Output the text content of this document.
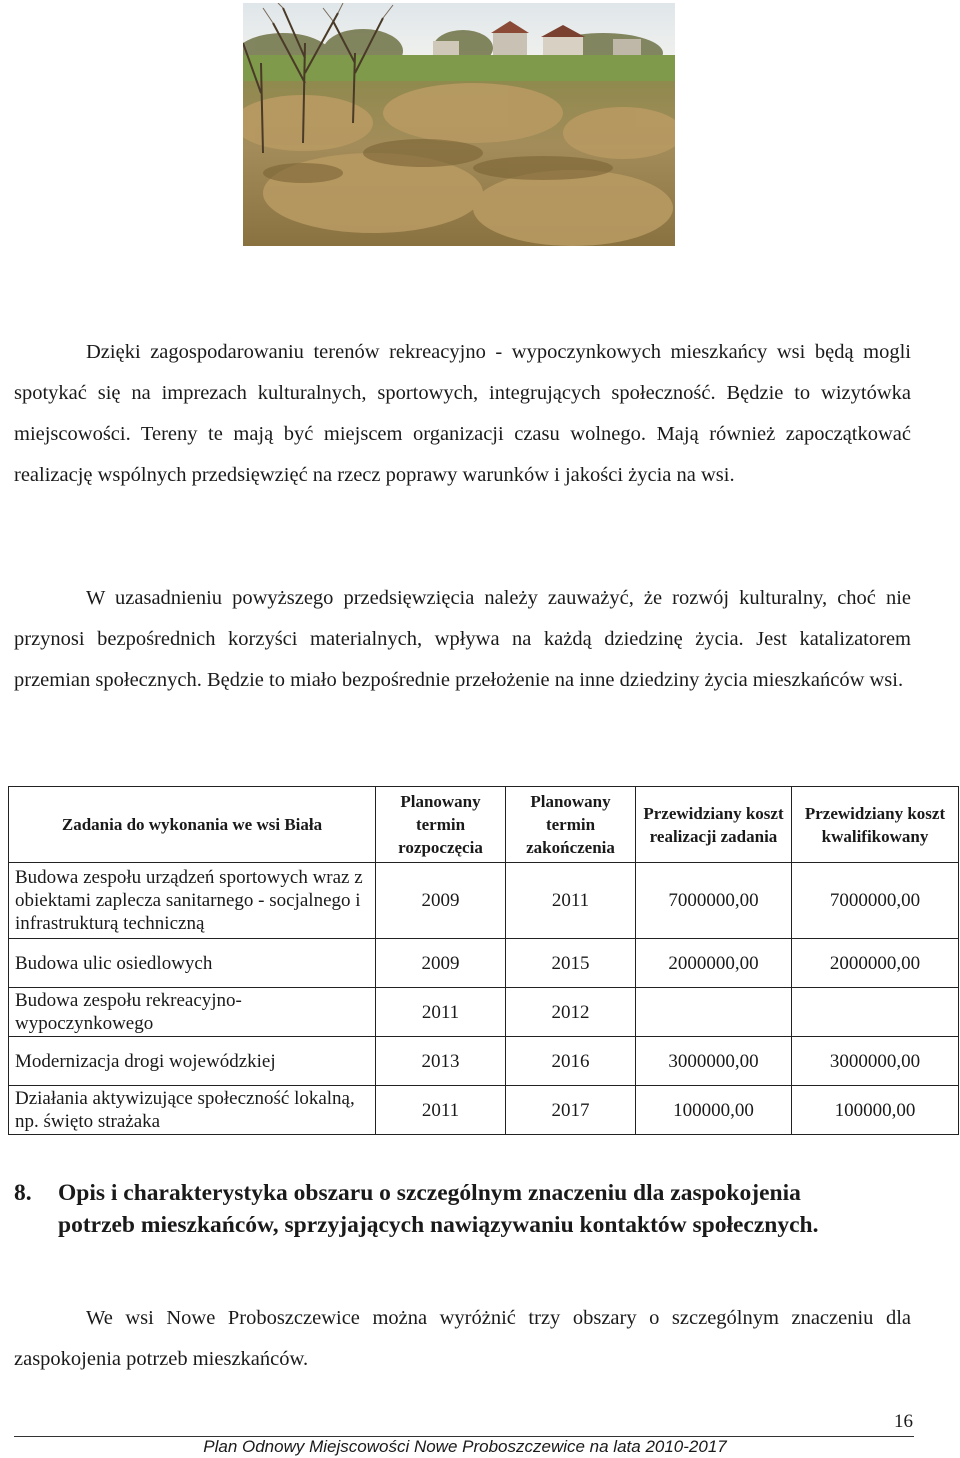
Dzięki zagospodarowaniu terenów rekreacyjno - wypoczynkowych mieszkańcy wsi będą mogli spotykać się na imprezach kulturalnych, sportowych, integrujących społeczność. Będzie to wizytówka miejscowości. Tereny te mają być miejscem organizacji czasu wolnego. Mają również zapoczątkować realizację wspólnych przedsięwzięć na rzecz poprawy warunków i jakości życia na wsi.

W uzasadnieniu powyższego przedsięwzięcia należy zauważyć, że rozwój kulturalny, choć nie przynosi bezpośrednich korzyści materialnych, wpływa na każdą dziedzinę życia. Jest katalizatorem przemian społecznych. Będzie to miało bezpośrednie przełożenie na inne dziedziny życia mieszkańców wsi.

Zadania do wykonania we wsi Biała	Planowany termin rozpoczęcia	Planowany termin zakończenia	Przewidziany koszt realizacji zadania	Przewidziany koszt kwalifikowany
Budowa zespołu urządzeń sportowych wraz z obiektami zaplecza sanitarnego - socjalnego i infrastrukturą techniczną	2009	2011	7000000,00	7000000,00
Budowa ulic osiedlowych	2009	2015	2000000,00	2000000,00
Budowa zespołu rekreacyjno-wypoczynkowego	2011	2012		
Modernizacja drogi wojewódzkiej	2013	2016	3000000,00	3000000,00
Działania aktywizujące społeczność lokalną, np. święto strażaka	2011	2017	100000,00	100000,00
8. Opis i charakterystyka obszaru o szczególnym znaczeniu dla zaspokojenia potrzeb mieszkańców, sprzyjających nawiązywaniu kontaktów społecznych.

We wsi Nowe Proboszczewice można wyróżnić trzy obszary o szczególnym znaczeniu dla zaspokojenia potrzeb mieszkańców.

16
Plan Odnowy Miejscowości Nowe Proboszczewice na lata 2010-2017
